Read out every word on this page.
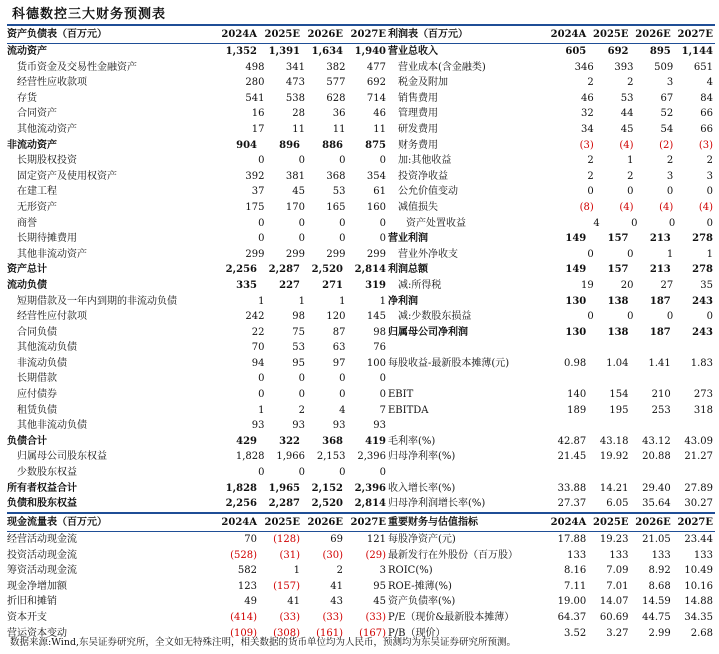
科德数控三大财务预测表
资产负债表（百万元）	2024A 2025E 2026E 2027E
流动资产	1,352	1,391	1,634	1,940
货币资金及交易性金融资产	498	341	382	477
经营性应收款项	280	473	577	692
存货	541	538	628	714
合同资产	16	28	36	46
其他流动资产	17	11	11	11
非流动资产	904	896	886	875
长期股权投资	0	0	0	0
固定资产及使用权资产	392	381	368	354
在建工程	37	45	53	61
无形资产	175	170	165	160
商誉	0	0	0	0
长期待摊费用	0	0	0	0
其他非流动资产	299	299	299	299
资产总计	2,256	2,287	2,520	2,814
流动负债	335	227	271	319
短期借款及一年内到期的非流动负债	1	1	1	1
经营性应付款项	242	98	120	145
合同负债	22	75	87	98
其他流动负债	70	53	63	76
非流动负债	94	95	97	100
长期借款	0	0	0	0
应付债券	0	0	0	0
租赁负债	1	2	4	7
其他非流动负债	93	93	93	93
负债合计	429	322	368	419
归属母公司股东权益	1,828	1,966	2,153	2,396
少数股东权益	0	0	0	0
所有者权益合计	1,828	1,965	2,152	2,396
负债和股东权益	2,256	2,287	2,520	2,814
利润表（百万元）	2024A 2025E 2026E 2027E
营业总收入	605	692	895	1,144
营业成本(含金融类)	346	393	509	651
税金及附加	2	2	3	4
销售费用	46	53	67	84
管理费用	32	44	52	66
研发费用	34	45	54	66
财务费用	(3)	(4)	(2)	(3)
加:其他收益	2	1	2	2
投资净收益	2	2	3	3
公允价值变动	0	0	0	0
减值损失	(8)	(4)	(4)	(4)
资产处置收益	4	0	0	0
营业利润	149	157	213	278
营业外净收支	0	0	1	1
利润总额	149	157	213	278
减:所得税	19	20	27	35
净利润	130	138	187	243
减:少数股东损益	0	0	0	0
归属母公司净利润	130	138	187	243
每股收益-最新股本摊薄(元)	0.98	1.04	1.41	1.83
EBIT	140	154	210	273
EBITDA	189	195	253	318
毛利率(%)	42.87	43.18	43.12	43.09
归母净利率(%)	21.45	19.92	20.88	21.27
收入增长率(%)	33.88	14.21	29.40	27.89
归母净利润增长率(%)	27.37	6.05	35.64	30.27
现金流量表（百万元）	2024A 2025E 2026E 2027E
经营活动现金流	70	(128)	69	121
投资活动现金流	(528)	(31)	(30)	(29)
筹资活动现金流	582	1	2	3
现金净增加额	123	(157)	41	95
折旧和摊销	49	41	43	45
资本开支	(414)	(33)	(33)	(33)
营运资本变动	(109)	(308)	(161)	(167)
重要财务与估值指标	2024A 2025E 2026E 2027E
每股净资产(元)	17.88	19.23	21.05	23.44
最新发行在外股份（百万股）	133	133	133	133
ROIC(%)	8.16	7.09	8.92	10.49
ROE-摊薄(%)	7.11	7.01	8.68	10.16
资产负债率(%)	19.00	14.07	14.59	14.88
P/E（现价&最新股本摊薄）	64.37	60.69	44.75	34.35
P/B（现价）	3.52	3.27	2.99	2.68
数据来源:Wind,东吴证券研究所，全文如无特殊注明，相关数据的货币单位均为人民币，预测均为东吴证券研究所预测。
